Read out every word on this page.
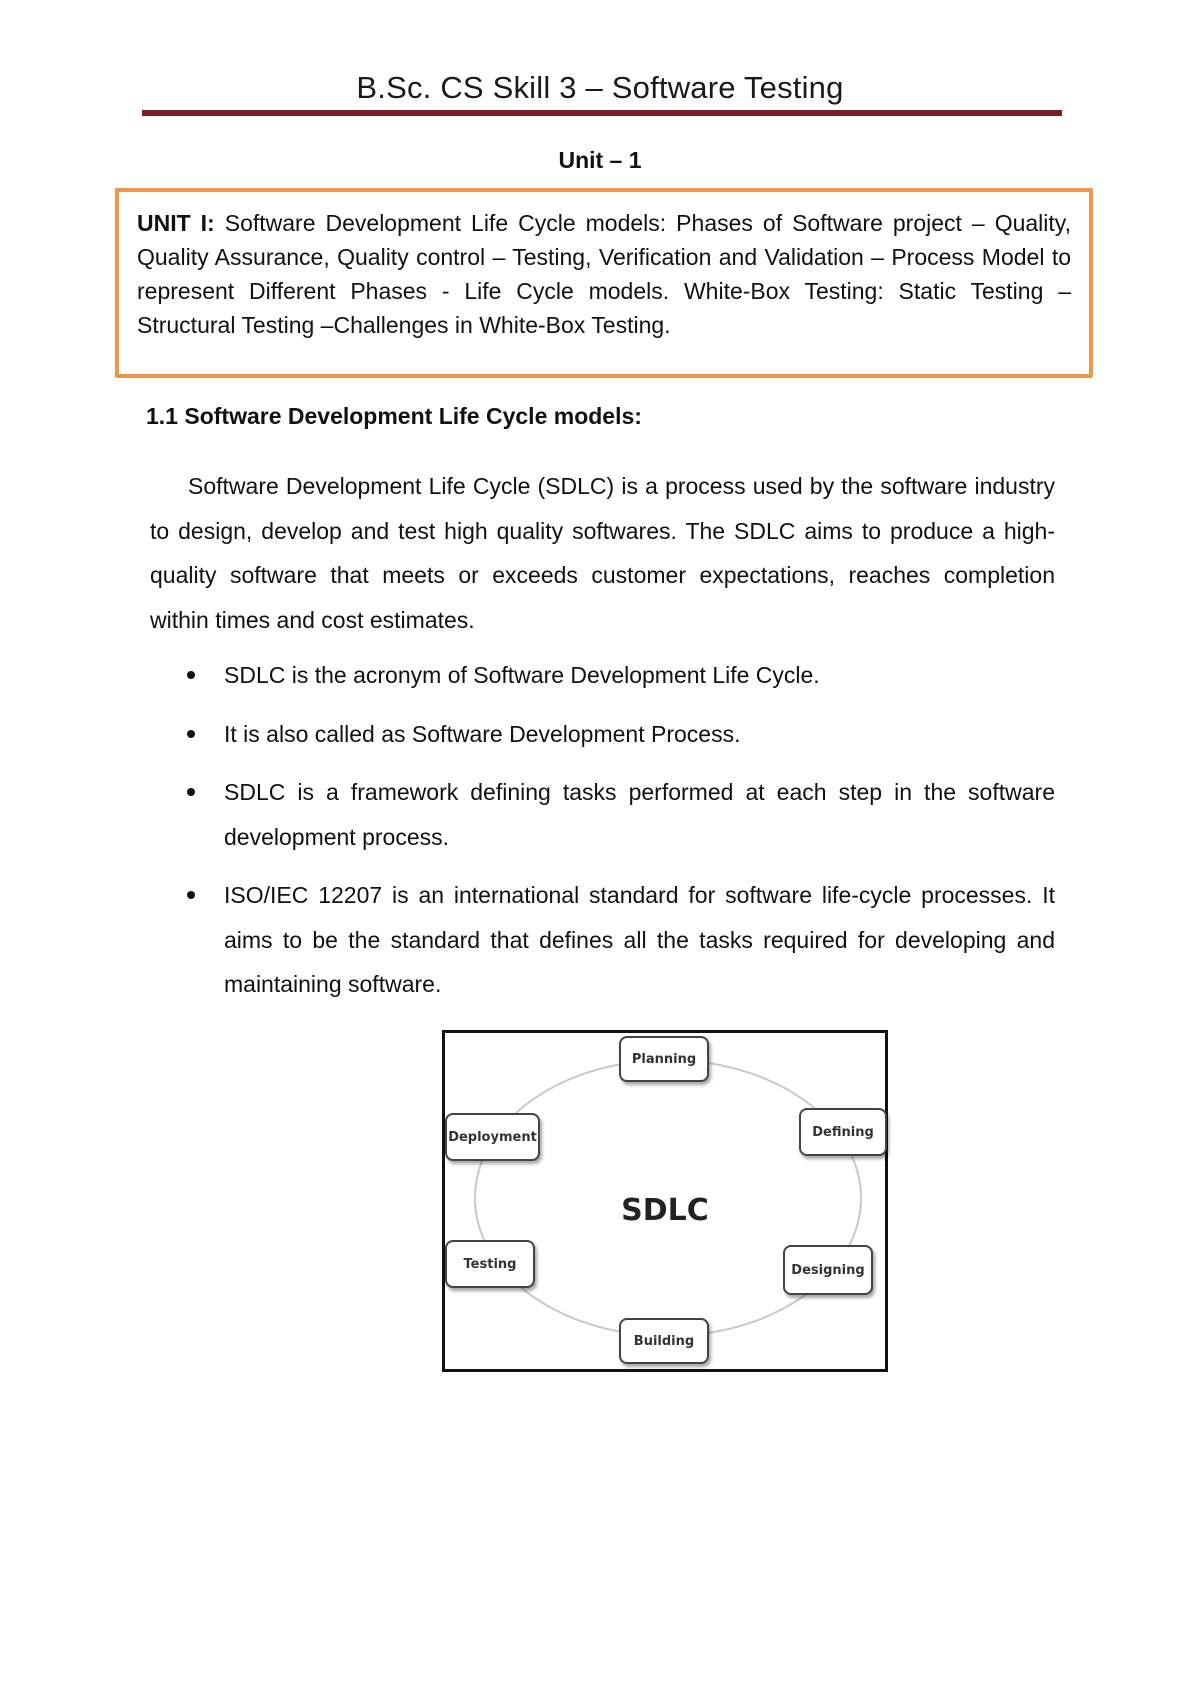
B.Sc. CS Skill 3 – Software Testing
Unit – 1

UNIT I: Software Development Life Cycle models: Phases of Software project – Quality, Quality Assurance, Quality control – Testing, Verification and Validation – Process Model to represent Different Phases - Life Cycle models. White-Box Testing: Static Testing – Structural Testing –Challenges in White-Box Testing.

1.1 Software Development Life Cycle models:

Software Development Life Cycle (SDLC) is a process used by the software industry to design, develop and test high quality softwares. The SDLC aims to produce a high-quality software that meets or exceeds customer expectations, reaches completion within times and cost estimates.

SDLC is the acronym of Software Development Life Cycle.
It is also called as Software Development Process.
SDLC is a framework defining tasks performed at each step in the software development process.
ISO/IEC 12207 is an international standard for software life-cycle processes. It aims to be the standard that defines all the tasks required for developing and maintaining software.
SDLC
Planning
Defining
Designing
Building
Testing
Deployment
